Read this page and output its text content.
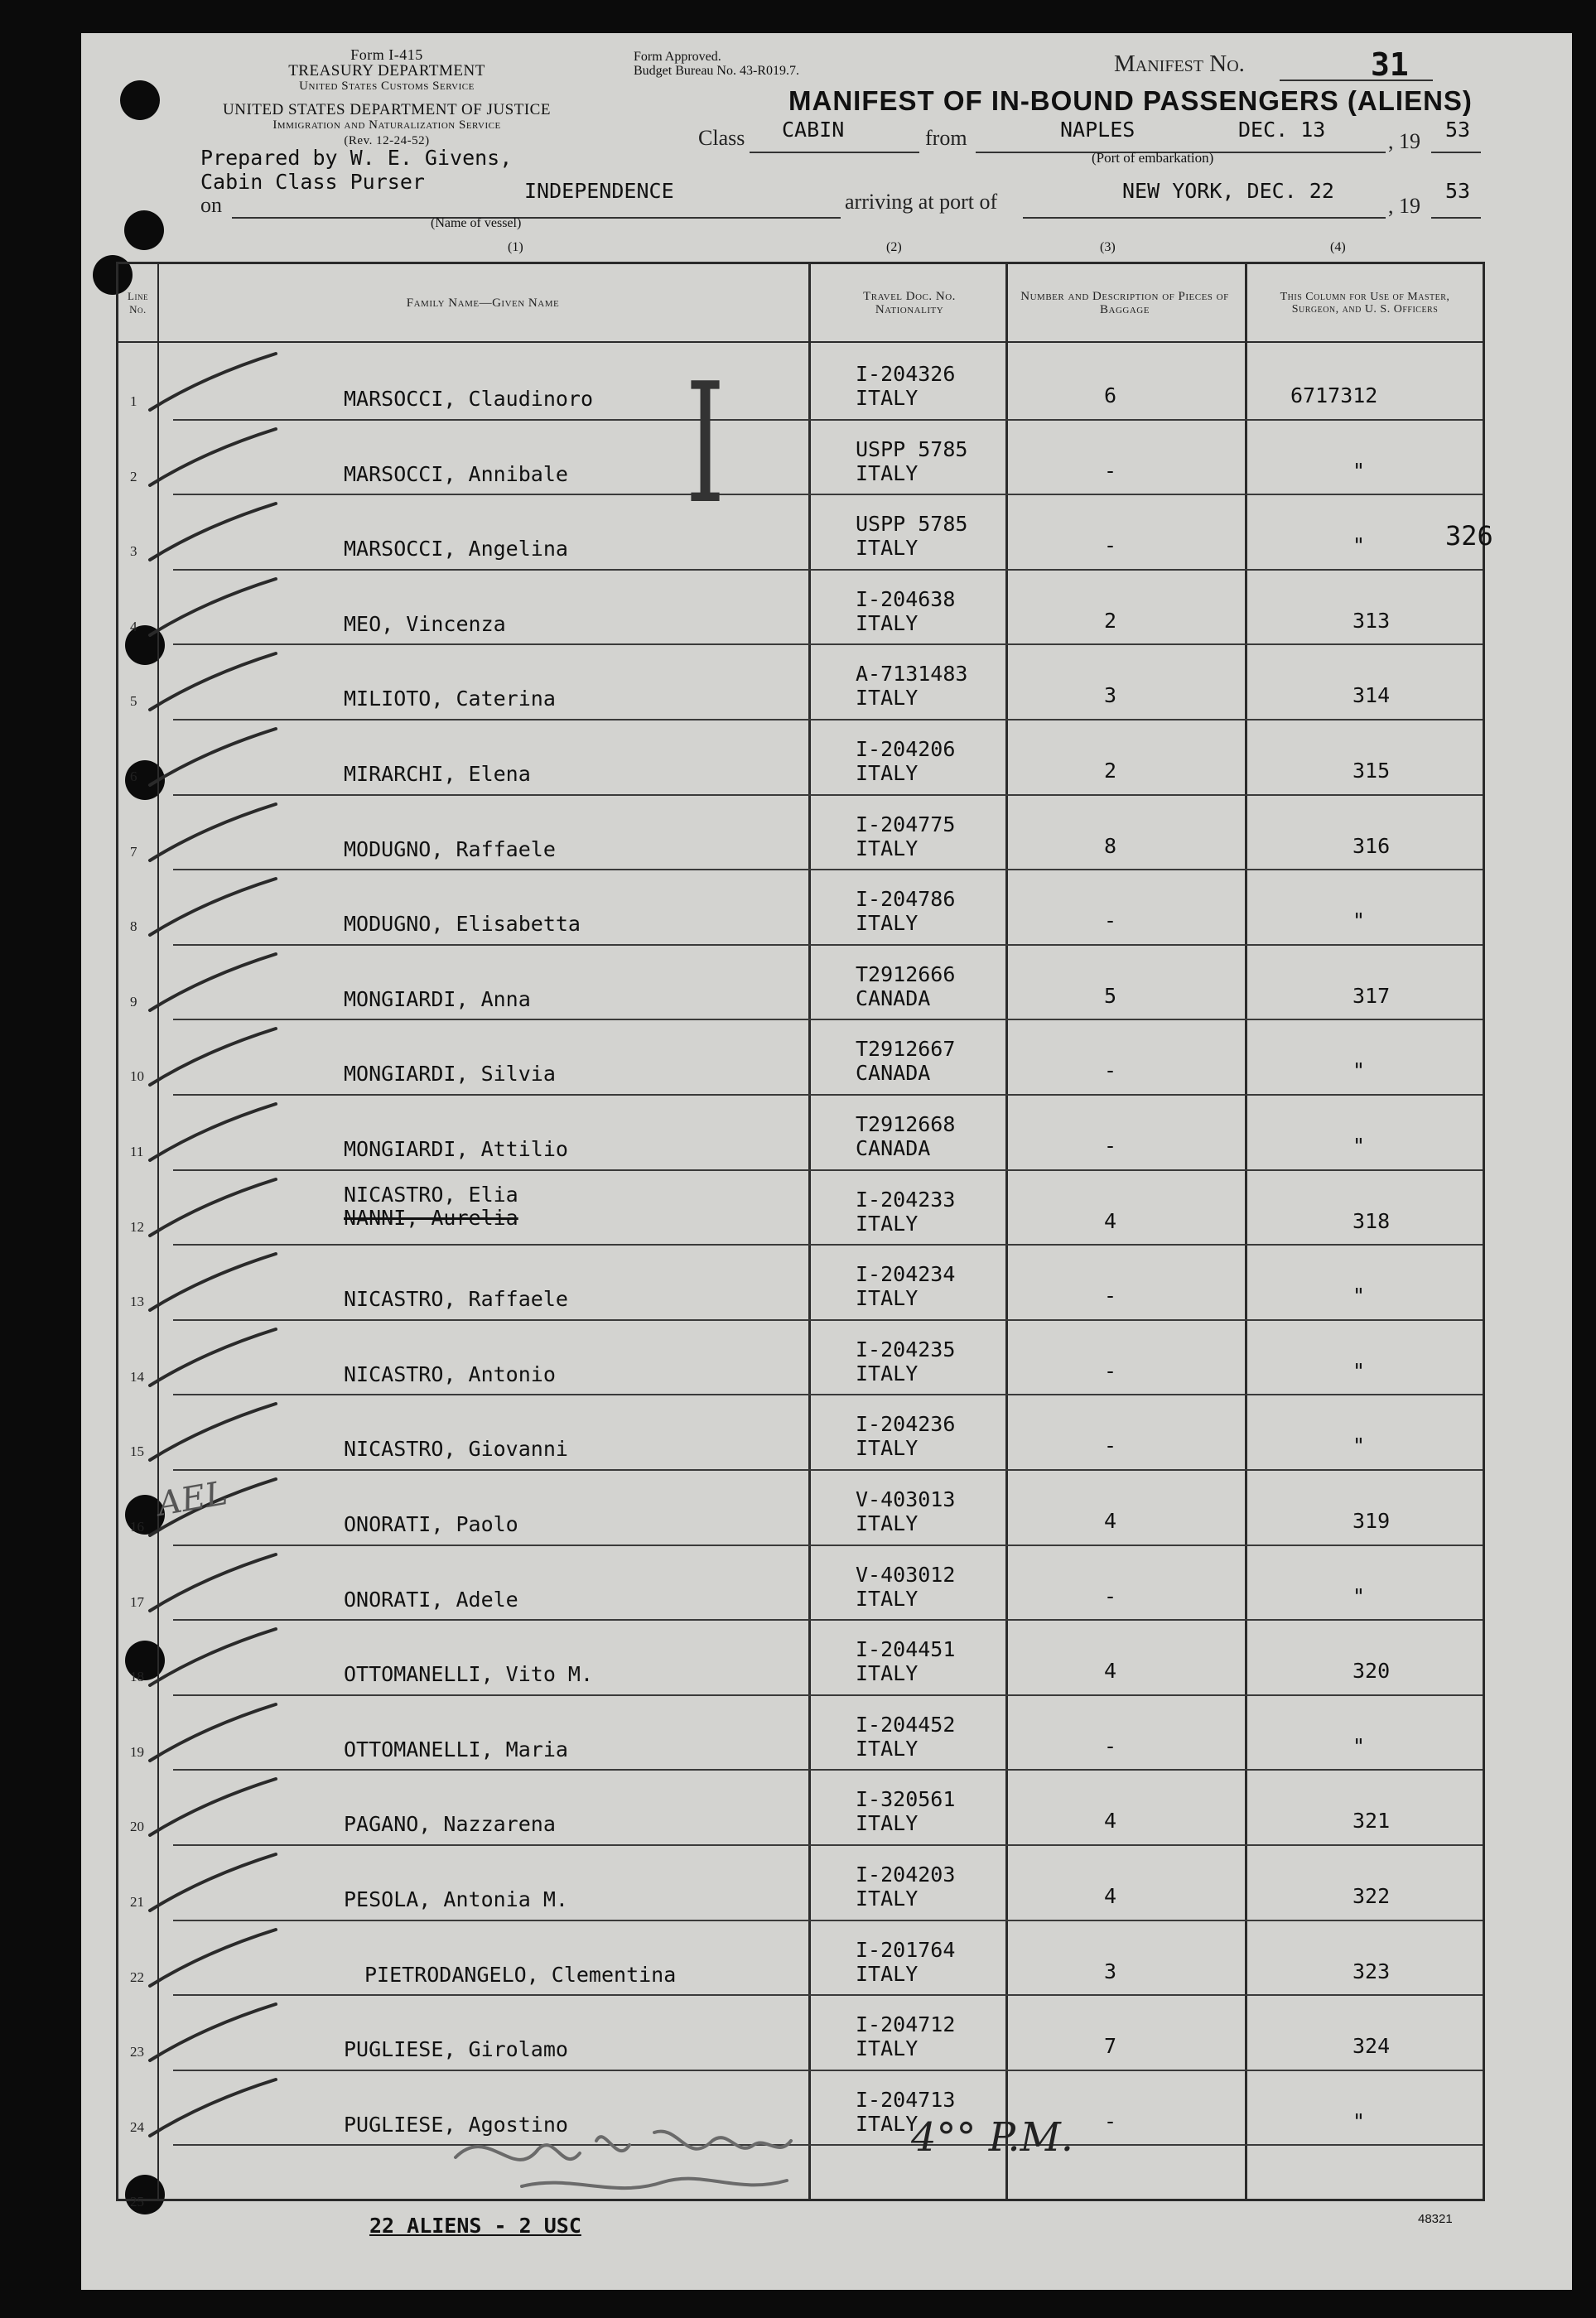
Form I-415
TREASURY DEPARTMENT
United States Customs Service
UNITED STATES DEPARTMENT OF JUSTICE
Immigration and Naturalization Service
(Rev. 12-24-52)
Form Approved.
Budget Bureau No. 43-R019.7.	Manifest No.	31
MANIFEST OF IN-BOUND PASSENGERS (ALIENS)
Prepared by W. E. Givens,
Cabin Class Purser
Class CABIN	from	NAPLES	DEC. 13	, 19 53
(Port of embarkation)
on
INDEPENDENCE
(Name of vessel)
arriving at port of	NEW YORK, DEC. 22
, 19
53
(1)	(2)	(3)	(4)
Line No.	Family Name—Given Name	Travel Doc. No. Nationality
Number and Description of Pieces of Baggage
This Column for Use of Master, Surgeon, and U. S. Officers
1	MARSOCCI, Claudinoro
I-204326
ITALY	6	6717312
2	MARSOCCI, Annibale
USPP 5785
ITALY	-	"
3	MARSOCCI, Angelina
USPP 5785
ITALY	-	"
4	MEO, Vincenza
I-204638
ITALY	2	313
5	MILIOTO, Caterina
A-7131483
ITALY	3	314
6	MIRARCHI, Elena
I-204206
ITALY	2	315
7	MODUGNO, Raffaele
I-204775
ITALY	8	316
8	MODUGNO, Elisabetta
I-204786
ITALY	-	"
9	MONGIARDI, Anna
T2912666
CANADA	5	317
10	MONGIARDI, Silvia
T2912667
CANADA	-	"
11	MONGIARDI, Attilio
T2912668
CANADA	-	"
12
NICASTRO, Elia
NANNI, Aurelia
I-204233
ITALY	4	318
13	NICASTRO, Raffaele
I-204234
ITALY	-	"
14	NICASTRO, Antonio
I-204235
ITALY	-	"
15	NICASTRO, Giovanni
I-204236
ITALY	-	"
16	ONORATI, Paolo
V-403013
ITALY	4	319
17	ONORATI, Adele
V-403012
ITALY	-	"
18	OTTOMANELLI, Vito M.
I-204451
ITALY	4	320
19	OTTOMANELLI, Maria
I-204452
ITALY	-	"
20	PAGANO, Nazzarena
I-320561
ITALY	4	321
21	PESOLA, Antonia M.
I-204203
ITALY	4	322
22	PIETRODANGELO, Clementina
I-201764
ITALY	3	323
23	PUGLIESE, Girolamo
I-204712
ITALY	7	324
24	PUGLIESE, Agostino
I-204713
ITALY	-	"
25
326
AEL
I
4°° P.M.
22 ALIENS - 2 USC	48321
